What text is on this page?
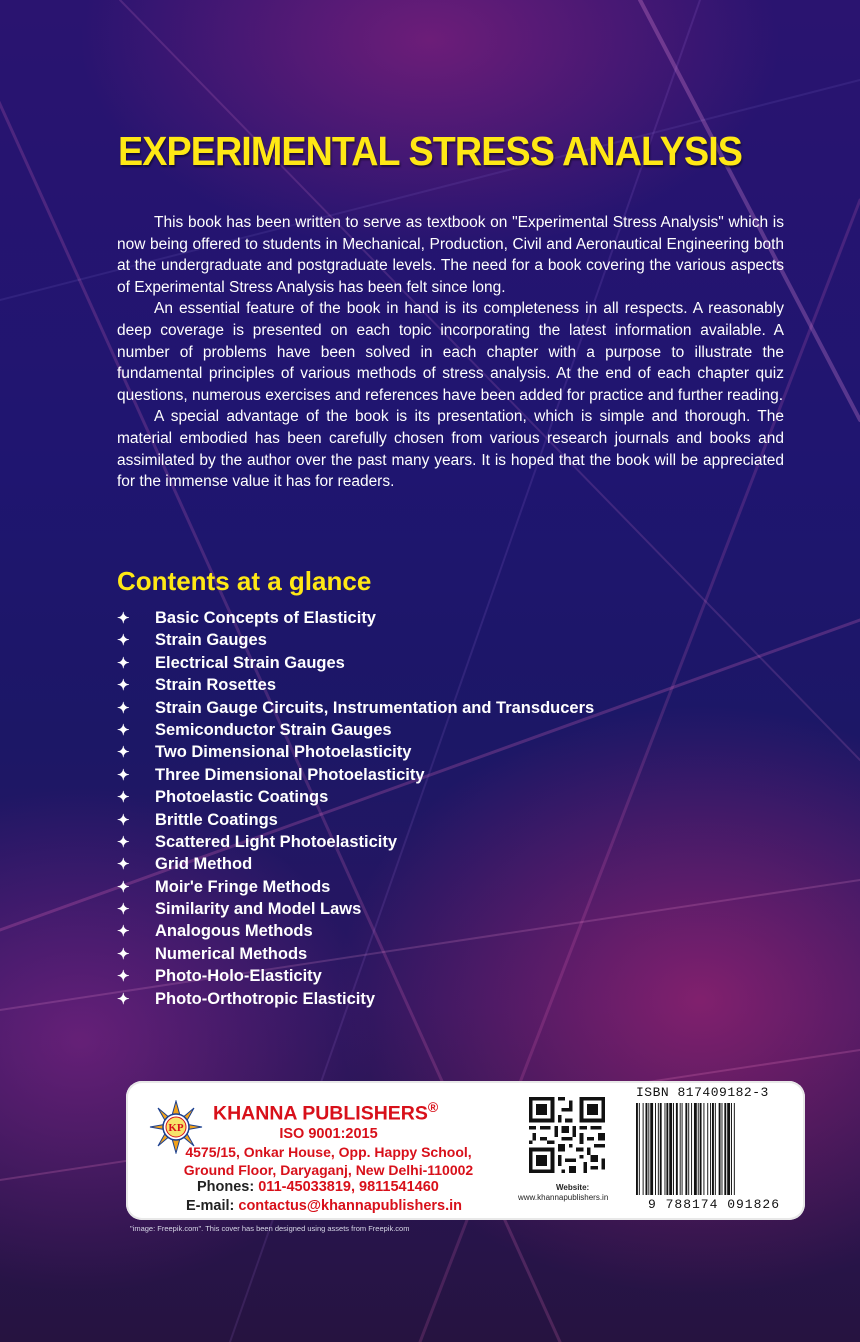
EXPERIMENTAL STRESS ANALYSIS

This book has been written to serve as textbook on "Experimental Stress Analysis" which is now being offered to students in Mechanical, Production, Civil and Aeronautical Engineering both at the undergraduate and postgraduate levels. The need for a book covering the various aspects of Experimental Stress Analysis has been felt since long.

An essential feature of the book in hand is its completeness in all respects. A reasonably deep coverage is presented on each topic incorporating the latest information available. A number of problems have been solved in each chapter with a purpose to illustrate the fundamental principles of various methods of stress analysis. At the end of each chapter quiz questions, numerous exercises and references have been added for practice and further reading.

A special advantage of the book is its presentation, which is simple and thorough. The material embodied has been carefully chosen from various research journals and books and assimilated by the author over the past many years. It is hoped that the book will be appreciated for the immense value it has for readers.

Contents at a glance
✦ Basic Concepts of Elasticity
✦ Strain Gauges
✦ Electrical Strain Gauges
✦ Strain Rosettes
✦ Strain Gauge Circuits, Instrumentation and Transducers
✦ Semiconductor Strain Gauges
✦ Two Dimensional Photoelasticity
✦ Three Dimensional Photoelasticity
✦ Photoelastic Coatings
✦ Brittle Coatings
✦ Scattered Light Photoelasticity
✦ Grid Method
✦ Moir'e Fringe Methods
✦ Similarity and Model Laws
✦ Analogous Methods
✦ Numerical Methods
✦ Photo-Holo-Elasticity
✦ Photo-Orthotropic Elasticity
KP
KHANNA PUBLISHERS®
ISO 9001:2015
4575/15, Onkar House, Opp. Happy School,
Ground Floor, Daryaganj, New Delhi-110002
Phones: 011-45033819, 9811541460
E-mail: contactus@khannapublishers.in
Website:
www.khannapublishers.in
ISBN 817409182-3
9 788174 091826
"image: Freepik.com". This cover has been designed using assets from Freepik.com
